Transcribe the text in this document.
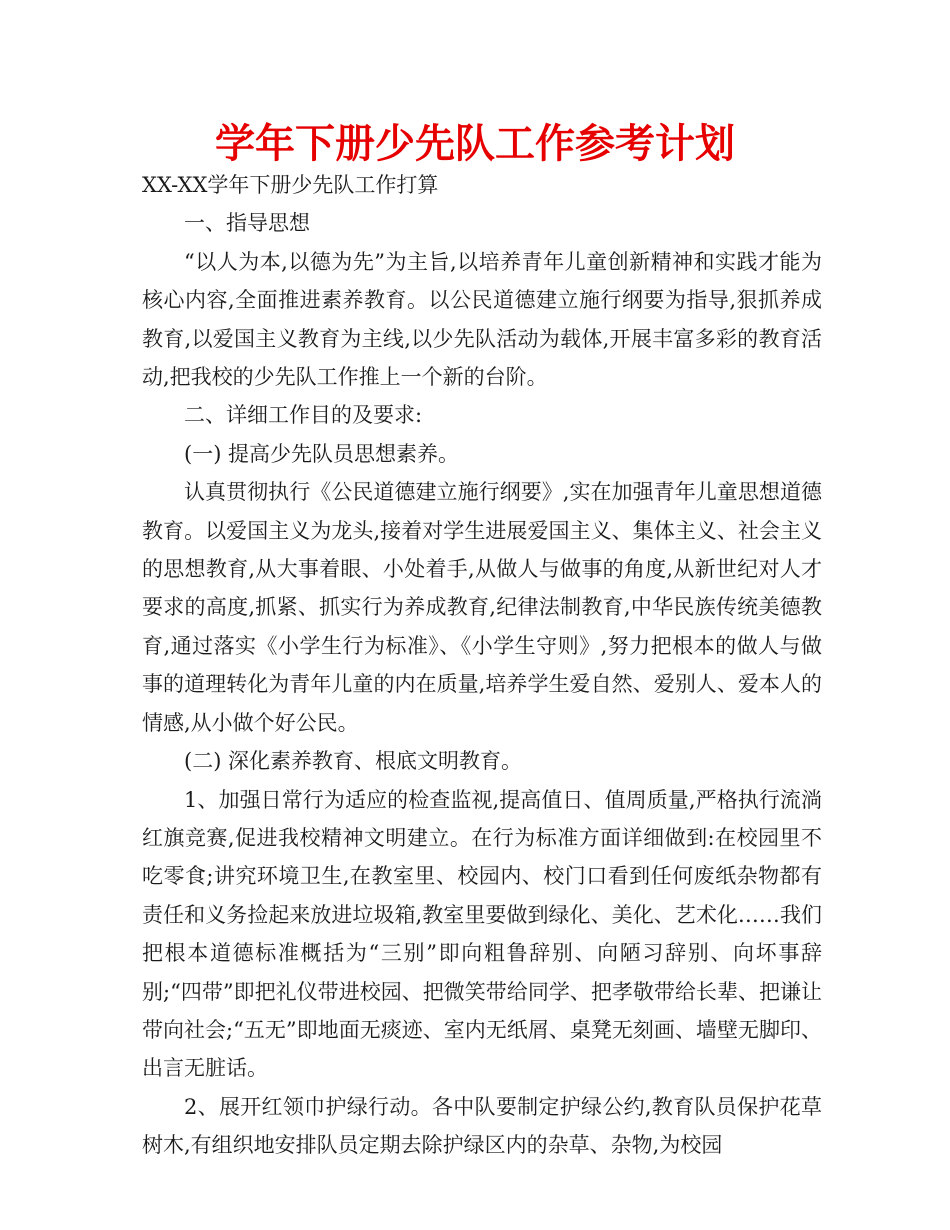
学年下册少先队工作参考计划

XX-XX学年下册少先队工作打算

一、指导思想

“以人为本,以德为先”为主旨,以培养青年儿童创新精神和实践才能为核心内容,全面推进素养教育。以公民道德建立施行纲要为指导,狠抓养成教育,以爱国主义教育为主线,以少先队活动为载体,开展丰富多彩的教育活动,把我校的少先队工作推上一个新的台阶。

二、详细工作目的及要求:

(一) 提高少先队员思想素养。

认真贯彻执行《公民道德建立施行纲要》,实在加强青年儿童思想道德教育。以爱国主义为龙头,接着对学生进展爱国主义、集体主义、社会主义的思想教育,从大事着眼、小处着手,从做人与做事的角度,从新世纪对人才要求的高度,抓紧、抓实行为养成教育,纪律法制教育,中华民族传统美德教育,通过落实《小学生行为标准》、《小学生守则》,努力把根本的做人与做事的道理转化为青年儿童的内在质量,培养学生爱自然、爱别人、爱本人的情感,从小做个好公民。

(二) 深化素养教育、根底文明教育。

1、加强日常行为适应的检查监视,提高值日、值周质量,严格执行流淌红旗竞赛,促进我校精神文明建立。在行为标准方面详细做到:在校园里不吃零食;讲究环境卫生,在教室里、校园内、校门口看到任何废纸杂物都有责任和义务捡起来放进垃圾箱,教室里要做到绿化、美化、艺术化……我们把根本道德标准概括为“三别”即向粗鲁辞别、向陋习辞别、向坏事辞别;“四带”即把礼仪带进校园、把微笑带给同学、把孝敬带给长辈、把谦让带向社会;“五无”即地面无痰迹、室内无纸屑、桌凳无刻画、墙壁无脚印、出言无脏话。

2、展开红领巾护绿行动。各中队要制定护绿公约,教育队员保护花草树木,有组织地安排队员定期去除护绿区内的杂草、杂物,为校园
